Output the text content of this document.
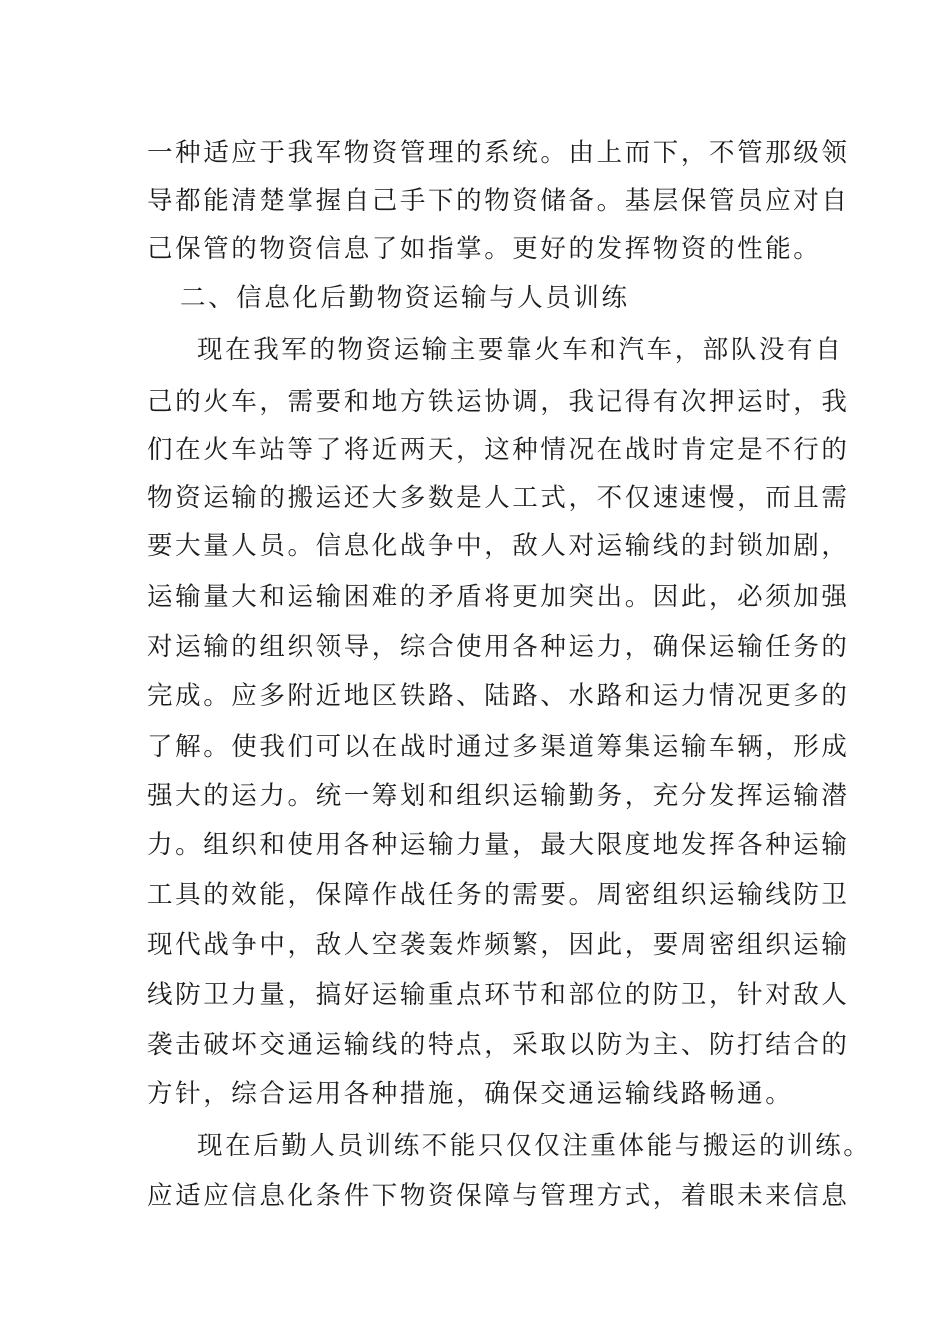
一种适应于我军物资管理的系统。由上而下，不管那级领
导都能清楚掌握自己手下的物资储备。基层保管员应对自
己保管的物资信息了如指掌。更好的发挥物资的性能。
二、信息化后勤物资运输与人员训练
现在我军的物资运输主要靠火车和汽车，部队没有自
己的火车，需要和地方铁运协调，我记得有次押运时，我
们在火车站等了将近两天，这种情况在战时肯定是不行的
物资运输的搬运还大多数是人工式，不仅速速慢，而且需
要大量人员。信息化战争中，敌人对运输线的封锁加剧，
运输量大和运输困难的矛盾将更加突出。因此，必须加强
对运输的组织领导，综合使用各种运力，确保运输任务的
完成。应多附近地区铁路、陆路、水路和运力情况更多的
了解。使我们可以在战时通过多渠道筹集运输车辆，形成
强大的运力。统一筹划和组织运输勤务，充分发挥运输潜
力。组织和使用各种运输力量，最大限度地发挥各种运输
工具的效能，保障作战任务的需要。周密组织运输线防卫
现代战争中，敌人空袭轰炸频繁，因此，要周密组织运输
线防卫力量，搞好运输重点环节和部位的防卫，针对敌人
袭击破坏交通运输线的特点，采取以防为主、防打结合的
方针，综合运用各种措施，确保交通运输线路畅通。
现在后勤人员训练不能只仅仅注重体能与搬运的训练。
应适应信息化条件下物资保障与管理方式，着眼未来信息
